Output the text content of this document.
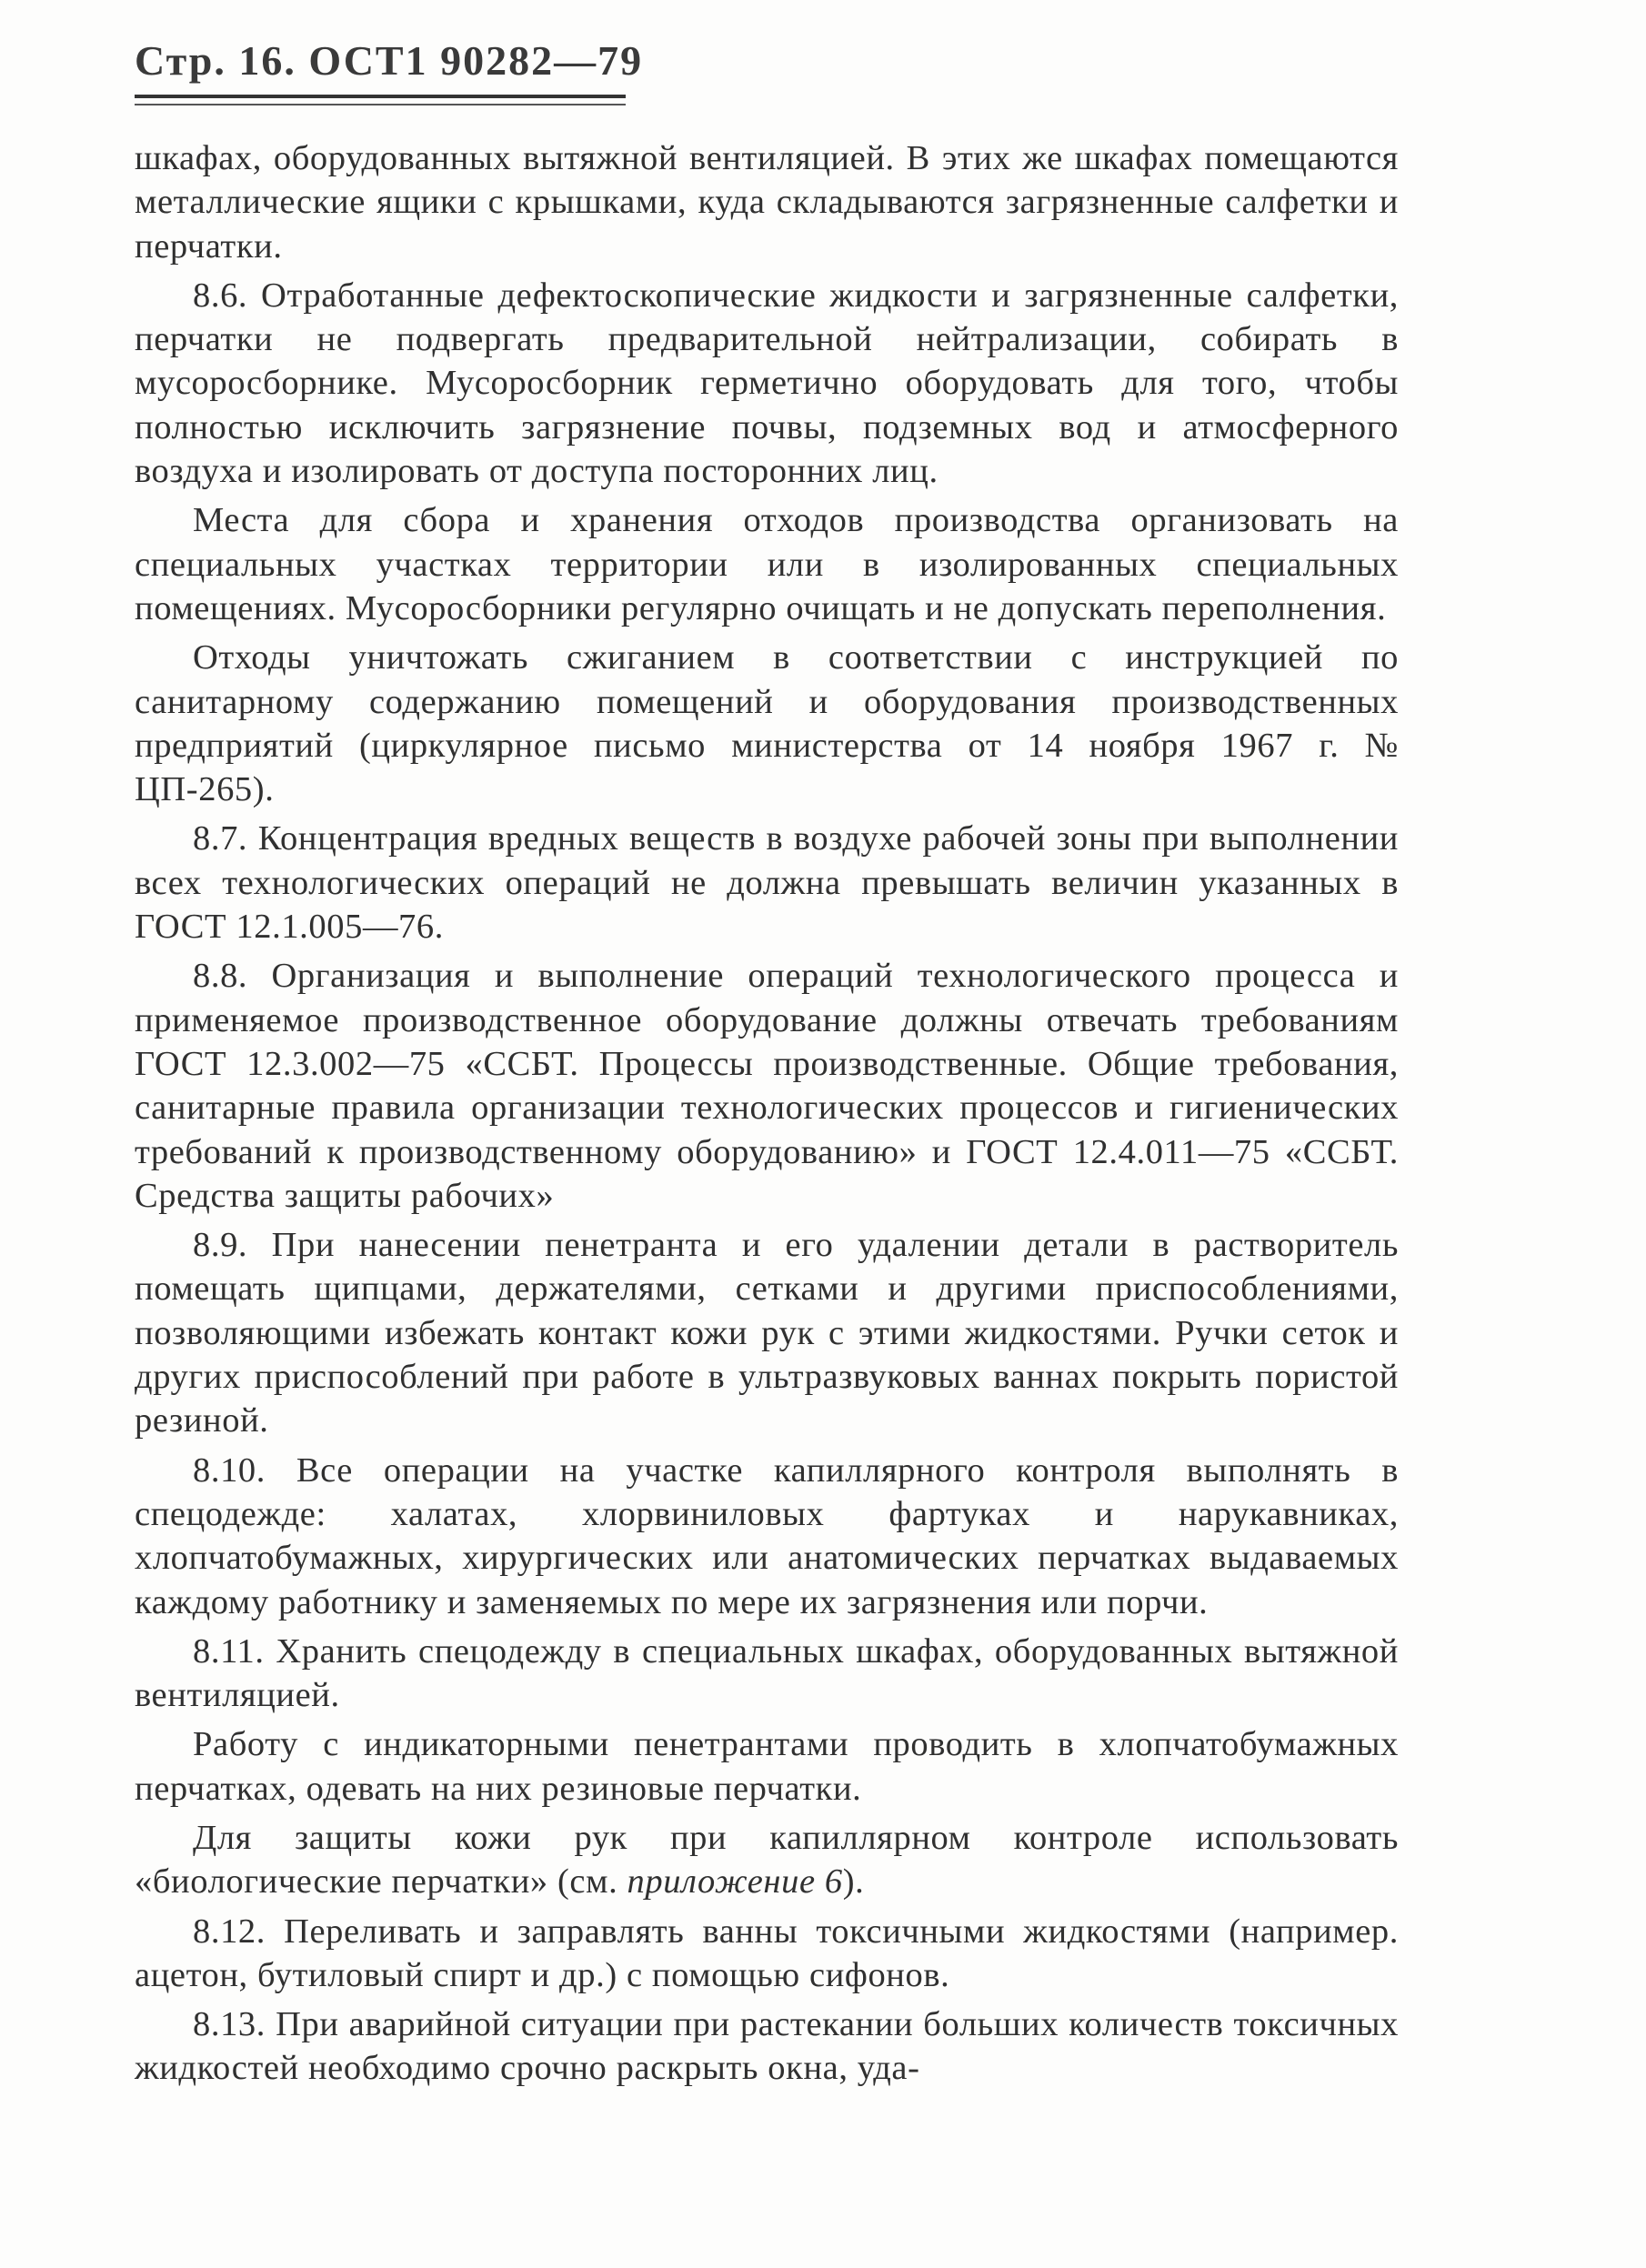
Стр. 16. ОСТ1 90282—79

шкафах, оборудованных вытяжной вентиляцией. В этих же шкафах помещаются металлические ящики с крышками, куда складываются загрязненные салфетки и перчатки.

8.6. Отработанные дефектоскопические жидкости и загрязненные салфетки, перчатки не подвергать предварительной нейтрализации, собирать в мусоросборнике. Мусоросборник герметично оборудовать для того, чтобы полностью исключить загрязнение почвы, подземных вод и атмосферного воздуха и изолировать от доступа посторонних лиц.

Места для сбора и хранения отходов производства организовать на специальных участках территории или в изолированных специальных помещениях. Мусоросборники регулярно очищать и не допускать переполнения.

Отходы уничтожать сжиганием в соответствии с инструкцией по санитарному содержанию помещений и оборудования производственных предприятий (циркулярное письмо министерства от 14 ноября 1967 г. № ЦП-265).

8.7. Концентрация вредных веществ в воздухе рабочей зоны при выполнении всех технологических операций не должна превышать величин указанных в ГОСТ 12.1.005—76.

8.8. Организация и выполнение операций технологического процесса и применяемое производственное оборудование должны отвечать требованиям ГОСТ 12.3.002—75 «ССБТ. Процессы производственные. Общие требования, санитарные правила организации технологических процессов и гигиенических требований к производственному оборудованию» и ГОСТ 12.4.011—75 «ССБТ. Средства защиты рабочих»

8.9. При нанесении пенетранта и его удалении детали в растворитель помещать щипцами, держателями, сетками и другими приспособлениями, позволяющими избежать контакт кожи рук с этими жидкостями. Ручки сеток и других приспособлений при работе в ультразвуковых ваннах покрыть пористой резиной.

8.10. Все операции на участке капиллярного контроля выполнять в спецодежде: халатах, хлорвиниловых фартуках и нарукавниках, хлопчатобумажных, хирургических или анатомических перчатках выдаваемых каждому работнику и заменяемых по мере их загрязнения или порчи.

8.11. Хранить спецодежду в специальных шкафах, оборудованных вытяжной вентиляцией.

Работу с индикаторными пенетрантами проводить в хлопчатобумажных перчатках, одевать на них резиновые перчатки.

Для защиты кожи рук при капиллярном контроле использовать «биологические перчатки» (см. приложение 6).

8.12. Переливать и заправлять ванны токсичными жидкостями (например. ацетон, бутиловый спирт и др.) с помощью сифонов.

8.13. При аварийной ситуации при растекании больших количеств токсичных жидкостей необходимо срочно раскрыть окна, уда-
